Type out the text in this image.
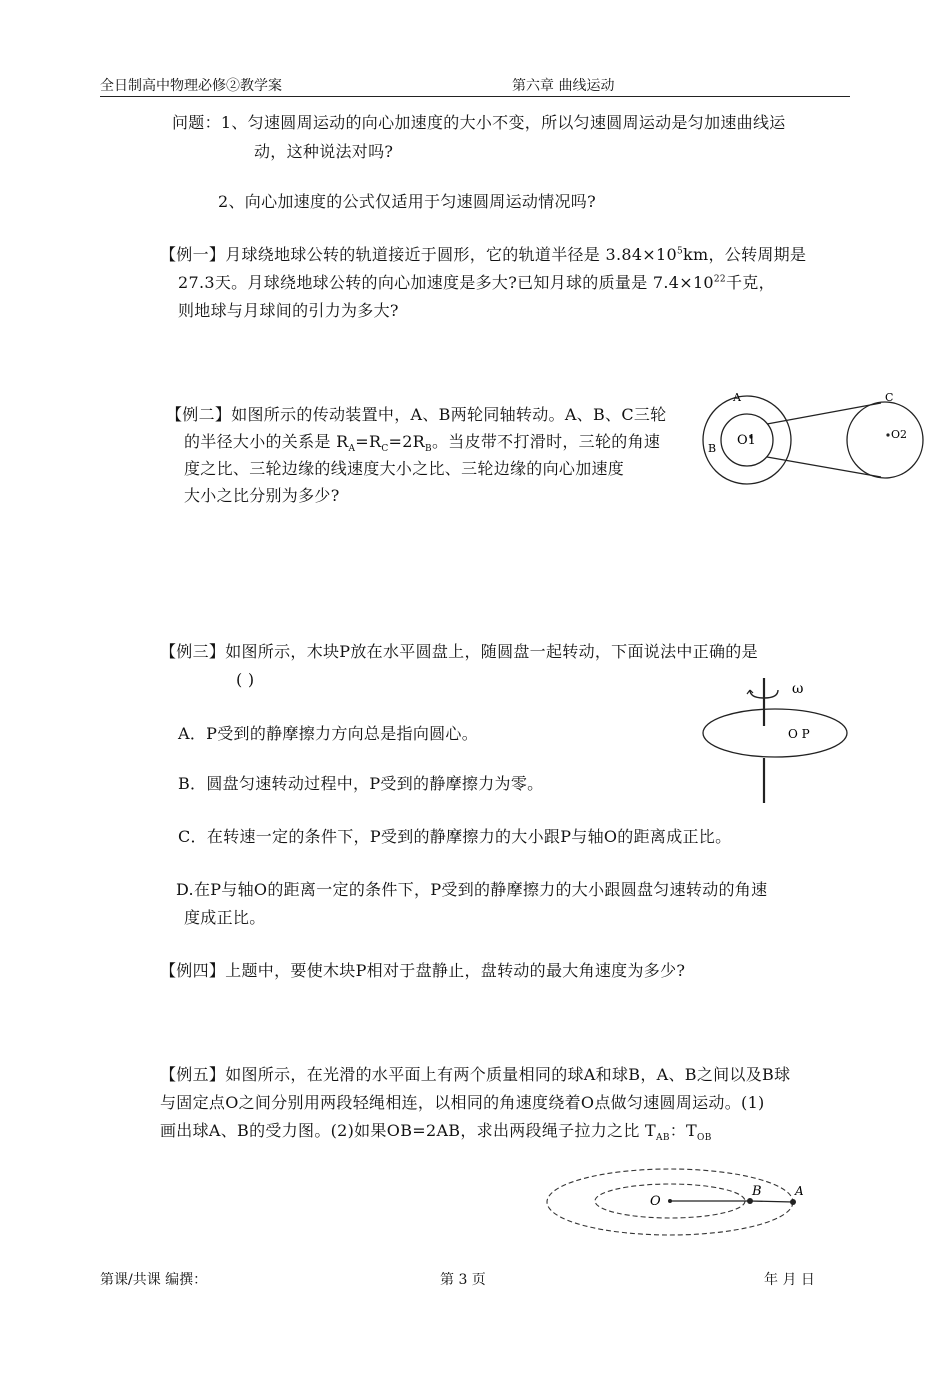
全日制高中物理必修②教学案	第六章 曲线运动
问题：1、匀速圆周运动的向心加速度的大小不变，所以匀速圆周运动是匀加速曲线运
动，这种说法对吗?
2、向心加速度的公式仅适用于匀速圆周运动情况吗?
【例一】月球绕地球公转的轨道接近于圆形，它的轨道半径是 $3.84\times 10^5km$，公转周期是
27.3天。月球绕地球公转的向心加速度是多大?已知月球的质量是 $7.4\times 10^{22}$千克，
则地球与月球间的引力为多大?
【例二】如图所示的传动装置中，A、B两轮同轴转动。A、B、C三轮
的半径大小的关系是 $R_A=R_C=2R_B$。当皮带不打滑时，三轮的角速
度之比、三轮边缘的线速度大小之比、三轮边缘的向心加速度
大小之比分别为多少?
A
B
C
O1	O2
【例三】如图所示，木块P放在水平圆盘上，随圆盘一起转动，下面说法中正确的是
( )
A．P受到的静摩擦力方向总是指向圆心。
B．圆盘匀速转动过程中，P受到的静摩擦力为零。
C．在转速一定的条件下，P受到的静摩擦力的大小跟P与轴O的距离成正比。
D.在P与轴O的距离一定的条件下，P受到的静摩擦力的大小跟圆盘匀速转动的角速
度成正比。
ω
O P
【例四】上题中，要使木块P相对于盘静止，盘转动的最大角速度为多少?
【例五】如图所示，在光滑的水平面上有两个质量相同的球A和球B，A、B之间以及B球
与固定点O之间分别用两段轻绳相连，以相同的角速度绕着O点做匀速圆周运动。(1)
画出球A、B的受力图。(2)如果OB=2AB，求出两段绳子拉力之比 $T_{AB}$：$T_{OB}$
O
B	A
第课/共课 编撰：	第 3 页	年 月 日
